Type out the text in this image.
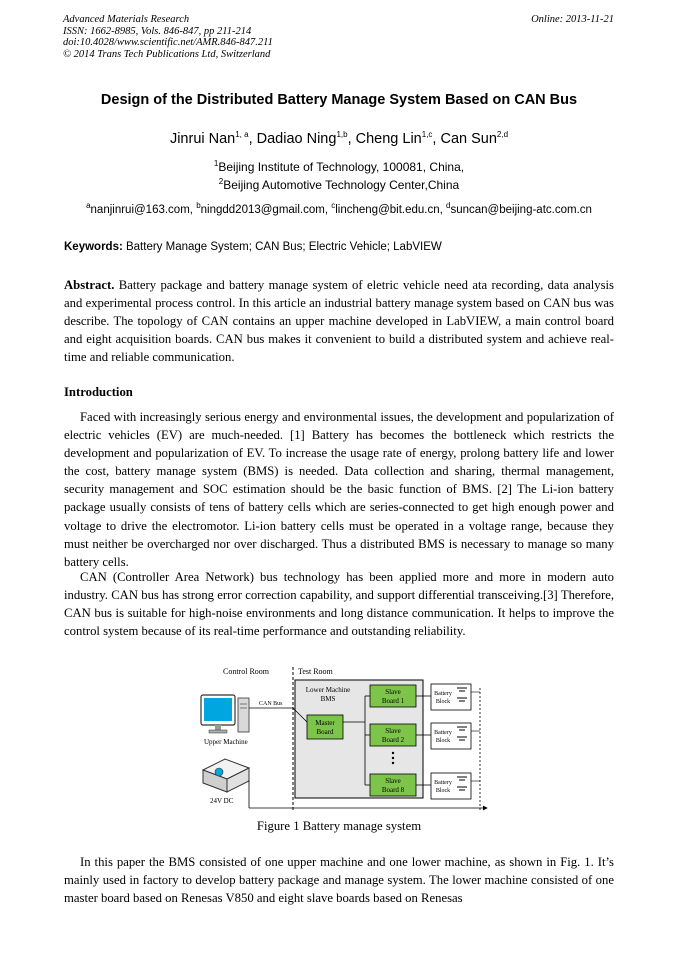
Advanced Materials Research
ISSN: 1662-8985, Vols. 846-847, pp 211-214
doi:10.4028/www.scientific.net/AMR.846-847.211
© 2014 Trans Tech Publications Ltd, Switzerland
Online: 2013-11-21
Design of the Distributed Battery Manage System Based on CAN Bus
Jinrui Nan$^{1, a}$, Dadiao Ning$^{1,b}$, Cheng Lin$^{1,c}$, Can Sun$^{2,d}$
$^1$Beijing Institute of Technology, 100081, China,
$^2$Beijing Automotive Technology Center,China
$^a$nanjinrui@163.com, $^b$ningdd2013@gmail.com, $^c$lincheng@bit.edu.cn, $^d$suncan@beijing-atc.com.cn
Keywords: Battery Manage System; CAN Bus; Electric Vehicle; LabVIEW
Abstract. Battery package and battery manage system of eletric vehicle need ata recording, data analysis and experimental process control. In this article an industrial battery manage system based on CAN bus was describe. The topology of CAN contains an upper machine developed in LabVIEW, a main control board and eight acquisition boards. CAN bus makes it convenient to build a distributed system and achieve real-time and reliable communication.
Introduction
Faced with increasingly serious energy and environmental issues, the development and popularization of electric vehicles (EV) are much-needed. [1] Battery has becomes the bottleneck which restricts the development and popularization of EV. To increase the usage rate of energy, prolong battery life and lower the cost, battery manage system (BMS) is needed. Data collection and sharing, thermal management, security management and SOC estimation should be the basic function of BMS. [2] The Li-ion battery package usually consists of tens of battery cells which are series-connected to get high enough power and voltage to drive the electromotor. Li-ion battery cells must be operated in a voltage range, because they must neither be overcharged nor over discharged. Thus a distributed BMS is necessary to manage so many battery cells.
CAN (Controller Area Network) bus technology has been applied more and more in modern auto industry. CAN bus has strong error correction capability, and support differential transceiving.[3] Therefore, CAN bus is suitable for high-noise environments and long distance communication. It helps to improve the control system because of its real-time performance and outstanding reliability.
Control Room	Test Room
Lower Machine
BMS
Master
Board
Slave
Board 1
Slave
Board 2
Slave
Board 8
Battery
Block
Battery
Block
Battery
Block
Upper Machine
CAN Bus
24V DC
Figure 1 Battery manage system
In this paper the BMS consisted of one upper machine and one lower machine, as shown in Fig. 1. It’s mainly used in factory to develop battery package and manage system. The lower machine consisted of one master board based on Renesas V850 and eight slave boards based on Renesas
